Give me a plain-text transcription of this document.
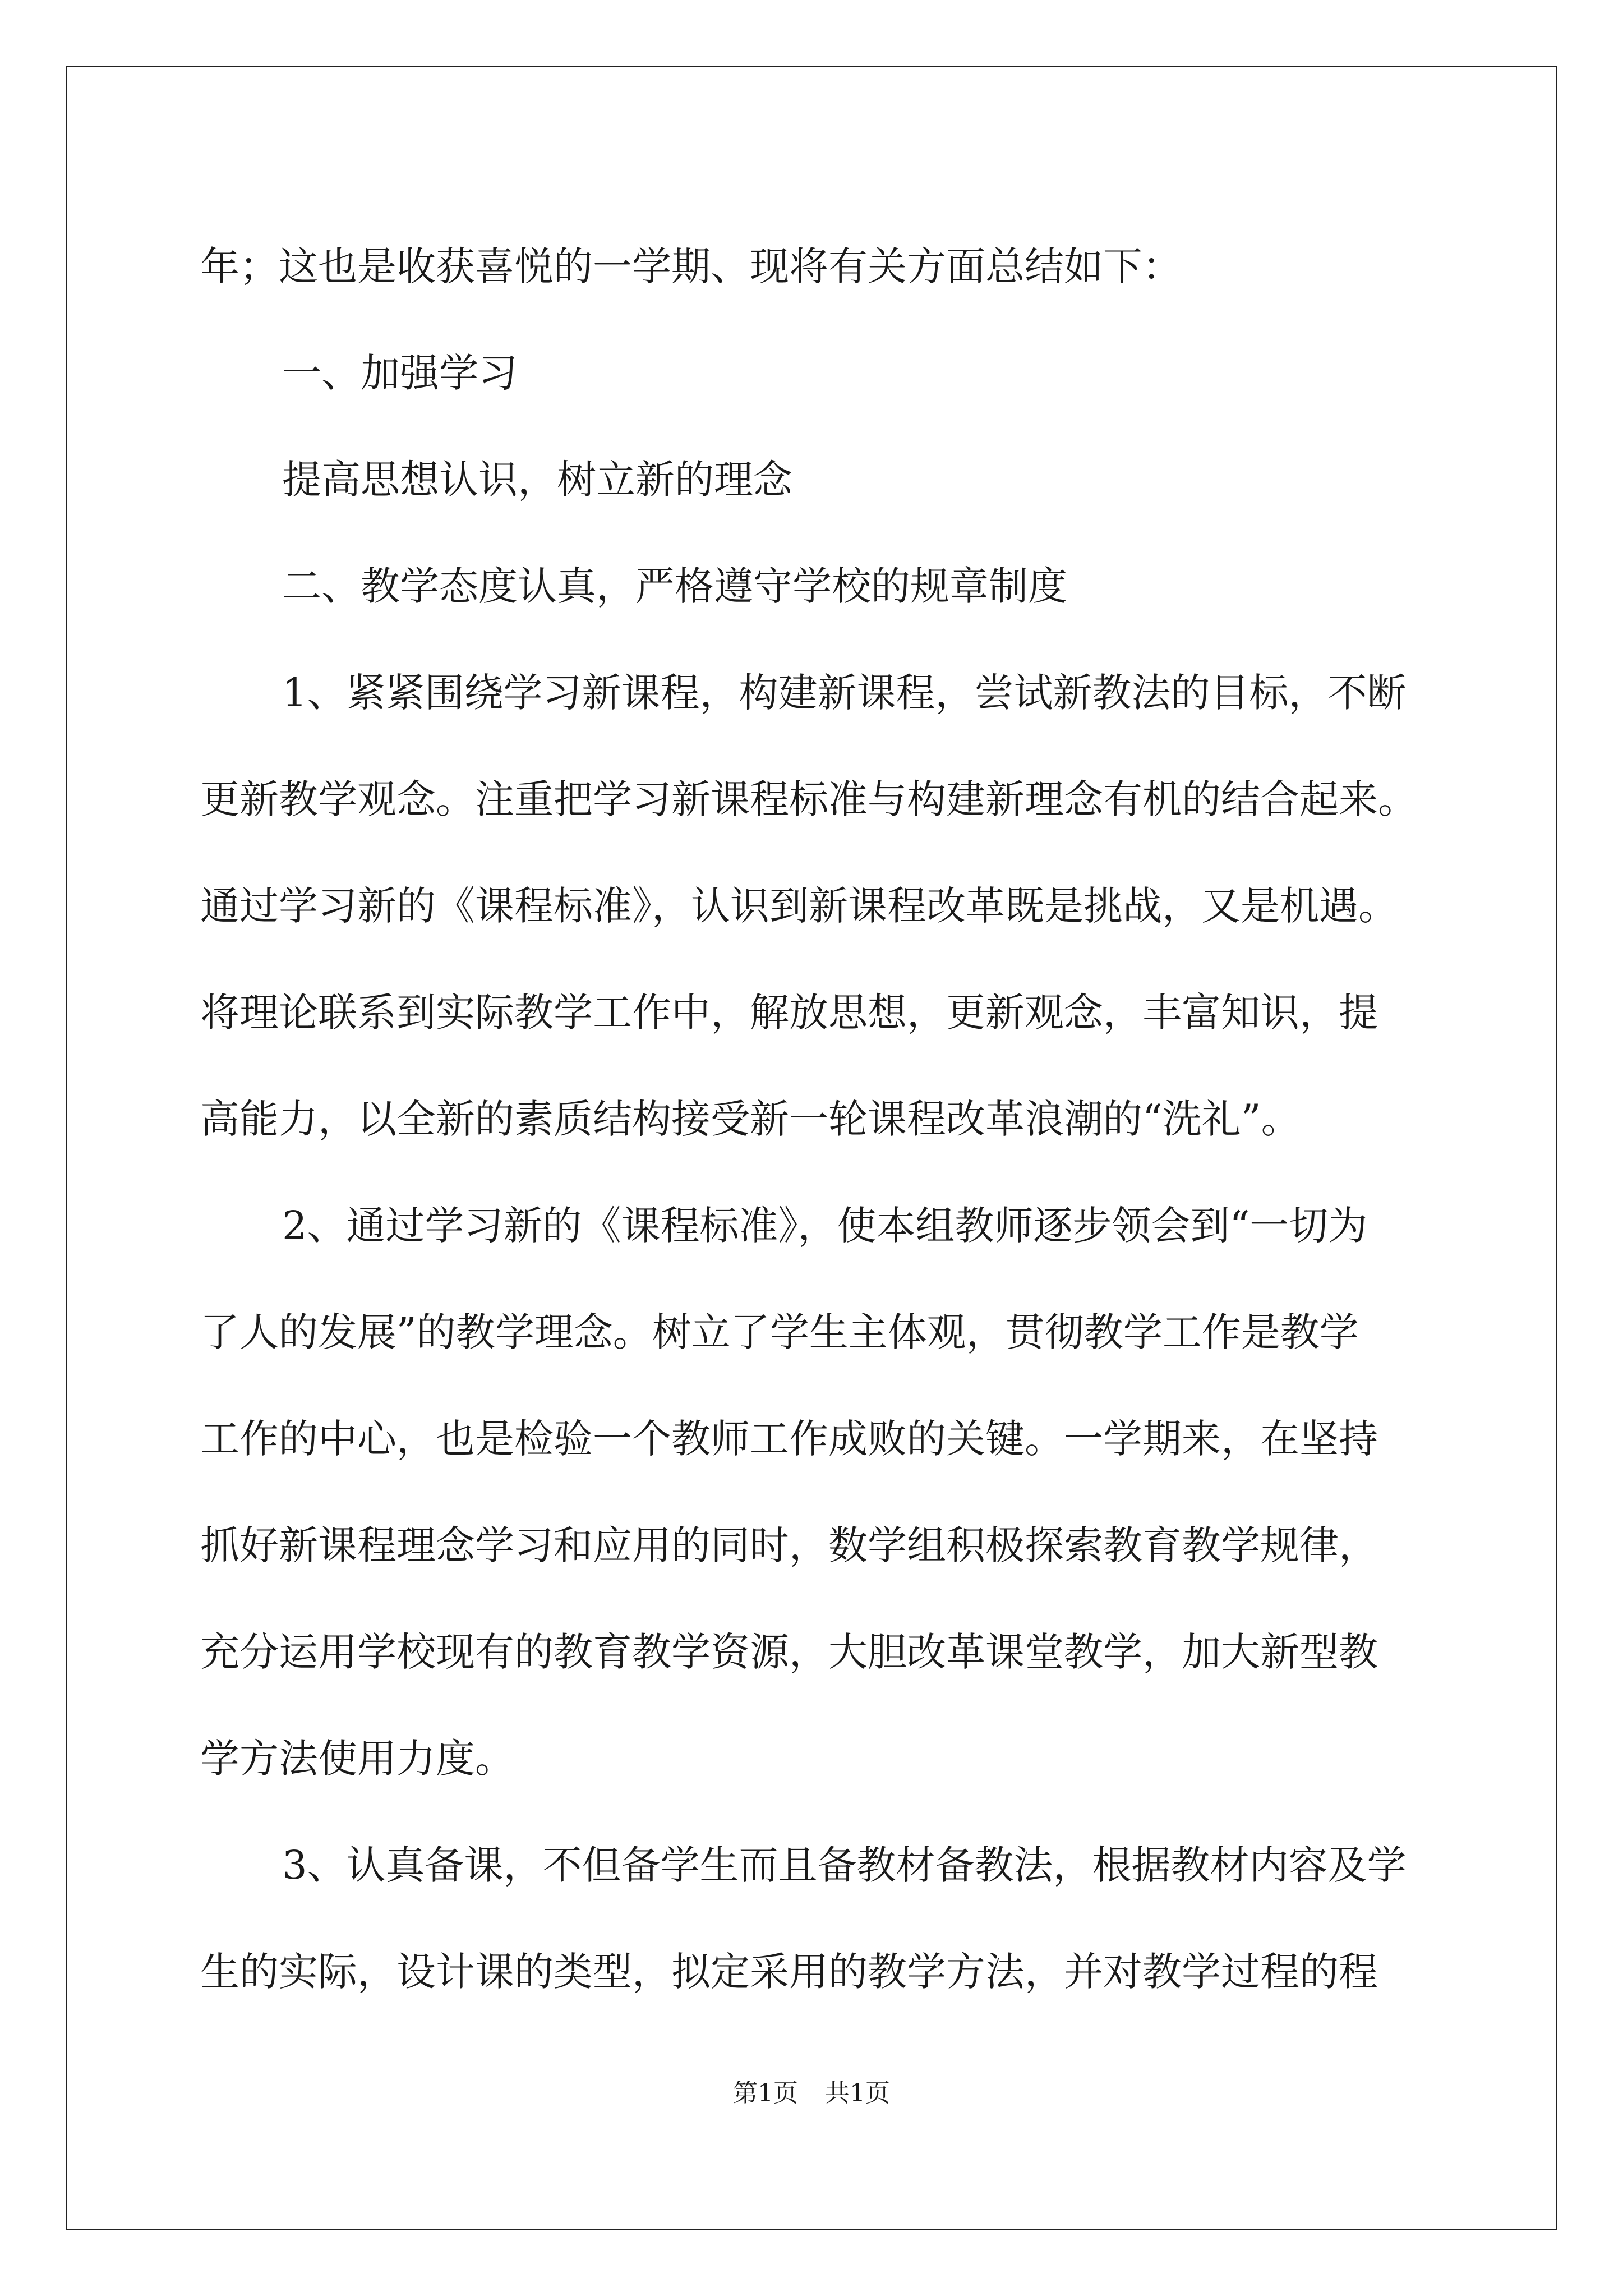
年；这也是收获喜悦的一学期、现将有关方面总结如下：

一、加强学习

提高思想认识，树立新的理念

二、教学态度认真，严格遵守学校的规章制度

1、紧紧围绕学习新课程，构建新课程，尝试新教法的目标，不断

更新教学观念。注重把学习新课程标准与构建新理念有机的结合起来。

通过学习新的《课程标准》，认识到新课程改革既是挑战，又是机遇。

将理论联系到实际教学工作中，解放思想，更新观念，丰富知识，提

高能力，以全新的素质结构接受新一轮课程改革浪潮的“洗礼”。

2、通过学习新的《课程标准》，使本组教师逐步领会到“一切为

了人的发展”的教学理念。树立了学生主体观，贯彻教学工作是教学

工作的中心，也是检验一个教师工作成败的关键。一学期来，在坚持

抓好新课程理念学习和应用的同时，数学组积极探索教育教学规律，

充分运用学校现有的教育教学资源，大胆改革课堂教学，加大新型教

学方法使用力度。

3、认真备课，不但备学生而且备教材备教法，根据教材内容及学

生的实际，设计课的类型，拟定采用的教学方法，并对教学过程的程

第1页 共1页
